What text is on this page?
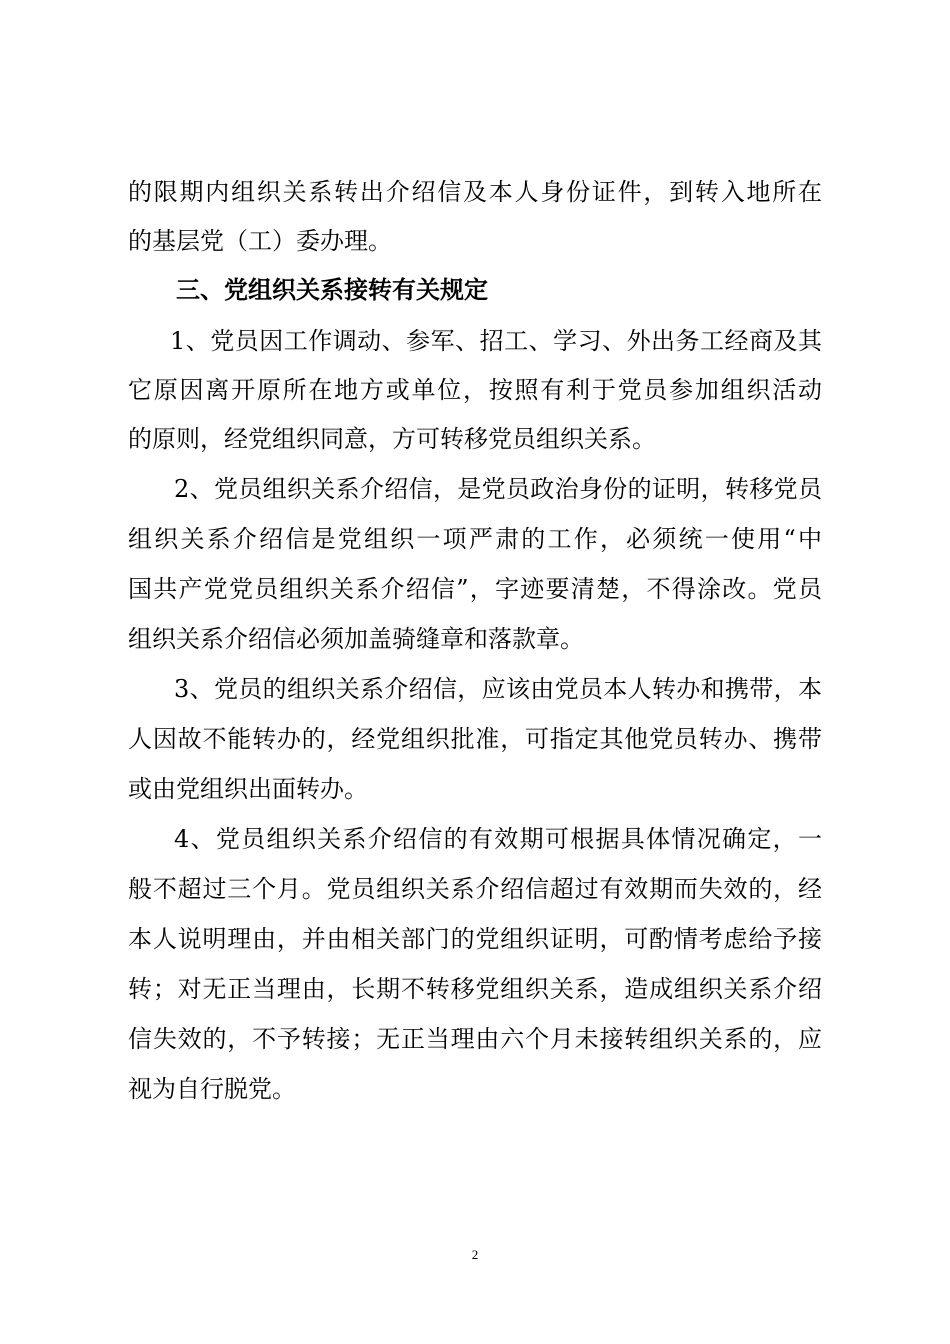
的限期内组织关系转出介绍信及本人身份证件，到转入地所在
的基层党（工）委办理。
三、党组织关系接转有关规定
1、党员因工作调动、参军、招工、学习、外出务工经商及其
它原因离开原所在地方或单位，按照有利于党员参加组织活动
的原则，经党组织同意，方可转移党员组织关系。
2、党员组织关系介绍信，是党员政治身份的证明，转移党员
组织关系介绍信是党组织一项严肃的工作，必须统一使用“中
国共产党党员组织关系介绍信”，字迹要清楚，不得涂改。党员
组织关系介绍信必须加盖骑缝章和落款章。
3、党员的组织关系介绍信，应该由党员本人转办和携带，本
人因故不能转办的，经党组织批准，可指定其他党员转办、携带
或由党组织出面转办。
4、党员组织关系介绍信的有效期可根据具体情况确定，一
般不超过三个月。党员组织关系介绍信超过有效期而失效的，经
本人说明理由，并由相关部门的党组织证明，可酌情考虑给予接
转；对无正当理由，长期不转移党组织关系，造成组织关系介绍
信失效的，不予转接；无正当理由六个月未接转组织关系的，应
视为自行脱党。
2
